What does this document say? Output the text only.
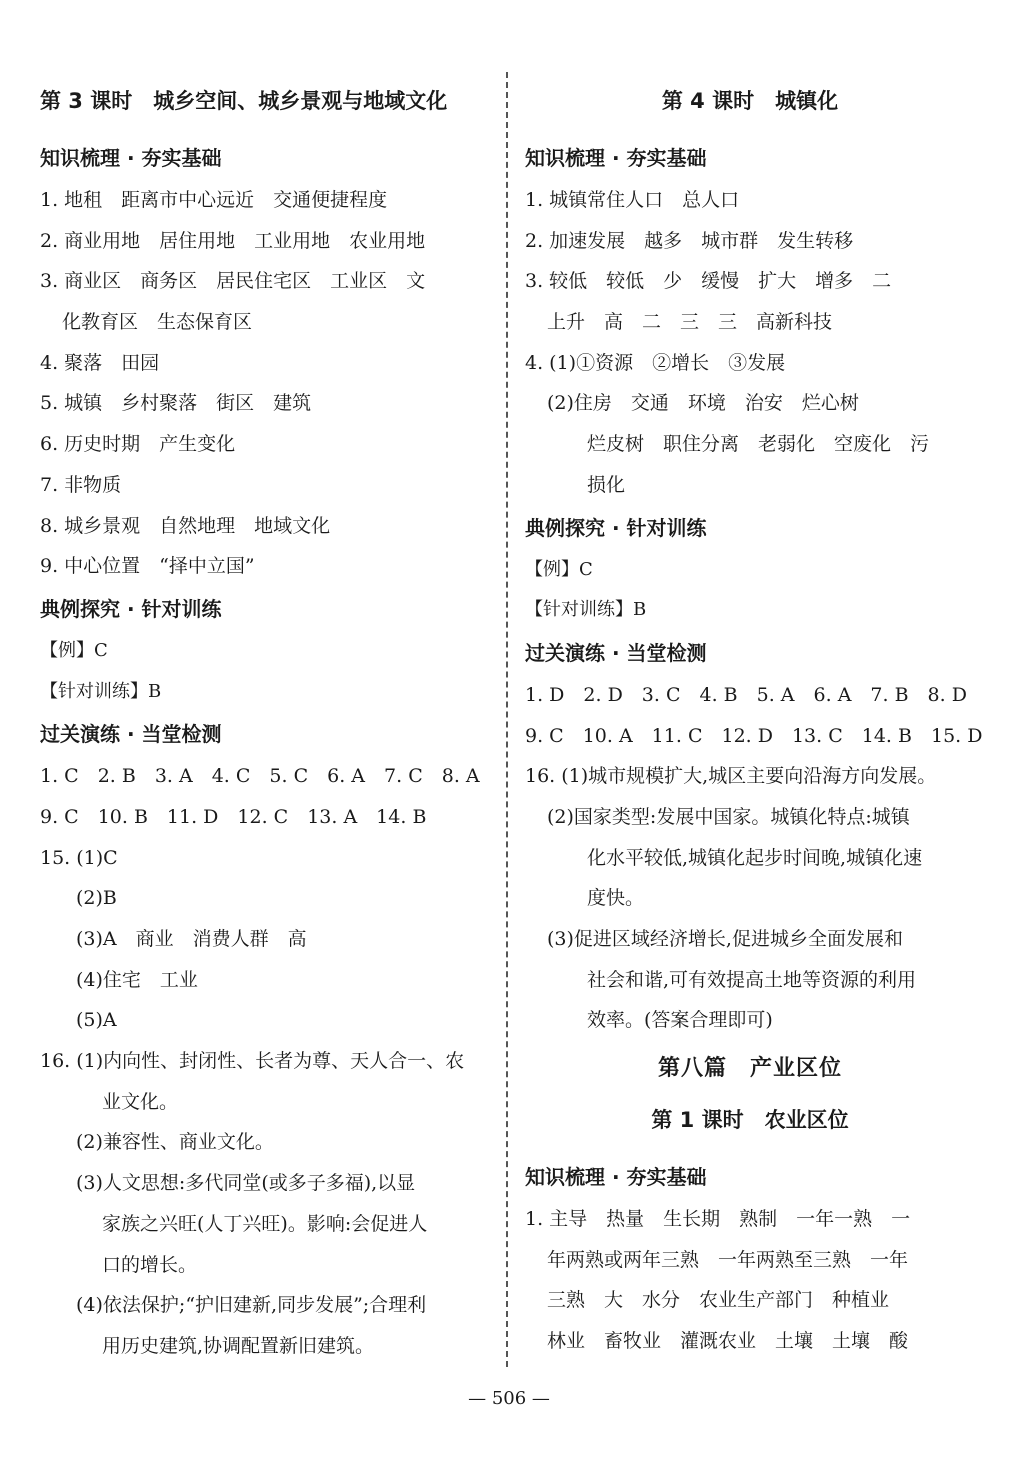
第 3 课时　城乡空间、城乡景观与地域文化
知识梳理 · 夯实基础
1. 地租　距离市中心远近　交通便捷程度
2. 商业用地　居住用地　工业用地　农业用地
3. 商业区　商务区　居民住宅区　工业区　文
化教育区　生态保育区
4. 聚落　田园
5. 城镇　乡村聚落　街区　建筑
6. 历史时期　产生变化
7. 非物质
8. 城乡景观　自然地理　地域文化
9. 中心位置　“择中立国”
典例探究 · 针对训练
【例】C
【针对训练】B
过关演练 · 当堂检测
1. C　2. B　3. A　4. C　5. C　6. A　7. C　8. A
9. C　10. B　11. D　12. C　13. A　14. B
15. (1)C
(2)B
(3)A　商业　消费人群　高
(4)住宅　工业
(5)A
16. (1)内向性、封闭性、长者为尊、天人合一、农
业文化。
(2)兼容性、商业文化。
(3)人文思想:多代同堂(或多子多福),以显
家族之兴旺(人丁兴旺)。影响:会促进人
口的增长。
(4)依法保护;“护旧建新,同步发展”;合理利
用历史建筑,协调配置新旧建筑。
第 4 课时　城镇化
知识梳理 · 夯实基础
1. 城镇常住人口　总人口
2. 加速发展　越多　城市群　发生转移
3. 较低　较低　少　缓慢　扩大　增多　二
上升　高　二　三　三　高新科技
4. (1)①资源　②增长　③发展
(2)住房　交通　环境　治安　烂心树
烂皮树　职住分离　老弱化　空废化　污
损化
典例探究 · 针对训练
【例】C
【针对训练】B
过关演练 · 当堂检测
1. D　2. D　3. C　4. B　5. A　6. A　7. B　8. D
9. C　10. A　11. C　12. D　13. C　14. B　15. D
16. (1)城市规模扩大,城区主要向沿海方向发展。
(2)国家类型:发展中国家。城镇化特点:城镇
化水平较低,城镇化起步时间晚,城镇化速
度快。
(3)促进区域经济增长,促进城乡全面发展和
社会和谐,可有效提高土地等资源的利用
效率。(答案合理即可)
第八篇　产业区位
第 1 课时　农业区位
知识梳理 · 夯实基础
1. 主导　热量　生长期　熟制　一年一熟　一
年两熟或两年三熟　一年两熟至三熟　一年
三熟　大　水分　农业生产部门　种植业
林业　畜牧业　灌溉农业　土壤　土壤　酸
— 506 —
